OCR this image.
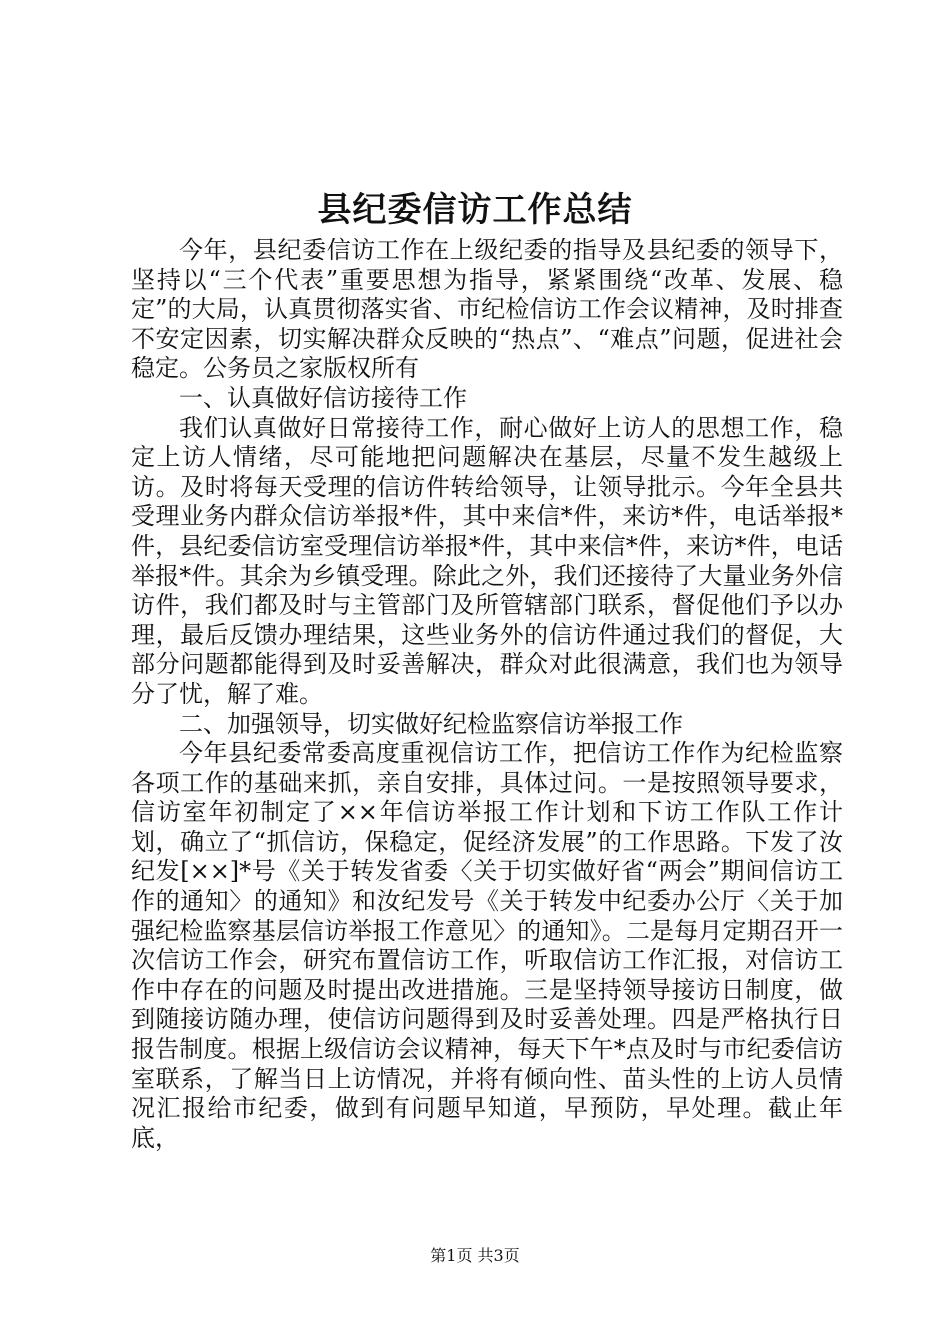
县纪委信访工作总结

今年，县纪委信访工作在上级纪委的指导及县纪委的领导下，坚持以“三个代表”重要思想为指导，紧紧围绕“改革、发展、稳定”的大局，认真贯彻落实省、市纪检信访工作会议精神，及时排查不安定因素，切实解决群众反映的“热点”、“难点”问题，促进社会稳定。公务员之家版权所有

一、认真做好信访接待工作

我们认真做好日常接待工作，耐心做好上访人的思想工作，稳定上访人情绪，尽可能地把问题解决在基层，尽量不发生越级上访。及时将每天受理的信访件转给领导，让领导批示。今年全县共受理业务内群众信访举报*件，其中来信*件，来访*件，电话举报*件，县纪委信访室受理信访举报*件，其中来信*件，来访*件，电话举报*件。其余为乡镇受理。除此之外，我们还接待了大量业务外信访件，我们都及时与主管部门及所管辖部门联系，督促他们予以办理，最后反馈办理结果，这些业务外的信访件通过我们的督促，大部分问题都能得到及时妥善解决，群众对此很满意，我们也为领导分了忧，解了难。

二、加强领导，切实做好纪检监察信访举报工作

今年县纪委常委高度重视信访工作，把信访工作作为纪检监察各项工作的基础来抓，亲自安排，具体过问。一是按照领导要求，信访室年初制定了××年信访举报工作计划和下访工作队工作计划，确立了“抓信访，保稳定，促经济发展”的工作思路。下发了汝纪发[××]*号《关于转发省委〈关于切实做好省“两会”期间信访工作的通知〉的通知》和汝纪发号《关于转发中纪委办公厅〈关于加强纪检监察基层信访举报工作意见〉的通知》。二是每月定期召开一次信访工作会，研究布置信访工作，听取信访工作汇报，对信访工作中存在的问题及时提出改进措施。三是坚持领导接访日制度，做到随接访随办理，使信访问题得到及时妥善处理。四是严格执行日报告制度。根据上级信访会议精神，每天下午*点及时与市纪委信访室联系，了解当日上访情况，并将有倾向性、苗头性的上访人员情况汇报给市纪委，做到有问题早知道，早预防，早处理。截止年底，

第1页 共3页
